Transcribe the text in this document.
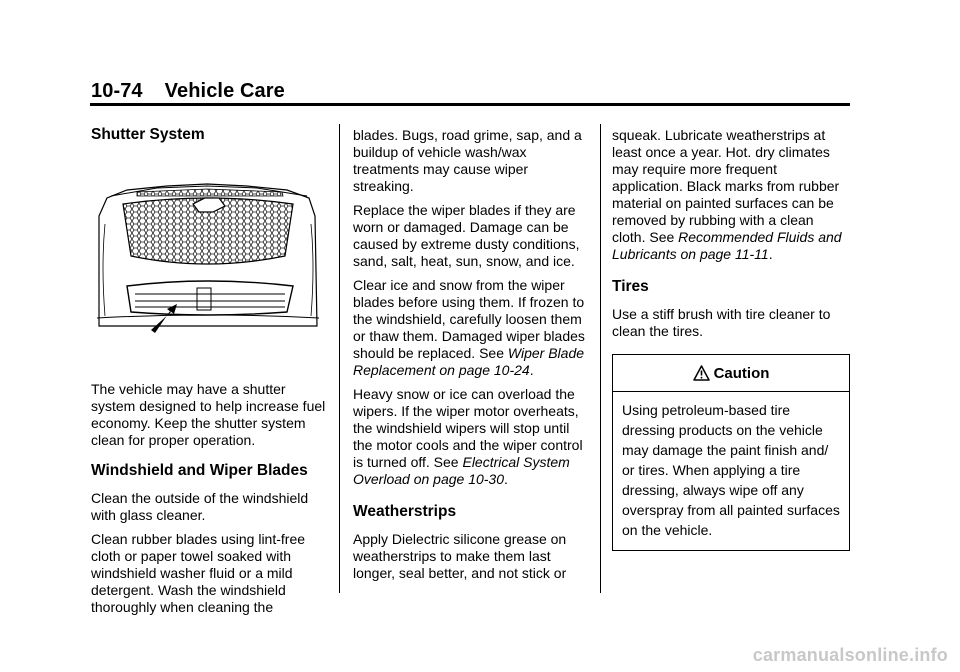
10-74 Vehicle Care
Shutter System

The vehicle may have a shutter system designed to help increase fuel economy. Keep the shutter system clean for proper operation.

Windshield and Wiper Blades

Clean the outside of the windshield with glass cleaner.

Clean rubber blades using lint-free cloth or paper towel soaked with windshield washer fluid or a mild detergent. Wash the windshield thoroughly when cleaning the

blades. Bugs, road grime, sap, and a buildup of vehicle wash/wax treatments may cause wiper streaking.

Replace the wiper blades if they are worn or damaged. Damage can be caused by extreme dusty conditions, sand, salt, heat, sun, snow, and ice.

Clear ice and snow from the wiper blades before using them. If frozen to the windshield, carefully loosen them or thaw them. Damaged wiper blades should be replaced. See Wiper Blade Replacement on page 10-24.

Heavy snow or ice can overload the wipers. If the wiper motor overheats, the windshield wipers will stop until the motor cools and the wiper control is turned off. See Electrical System Overload on page 10-30.

Weatherstrips

Apply Dielectric silicone grease on weatherstrips to make them last longer, seal better, and not stick or

squeak. Lubricate weatherstrips at least once a year. Hot. dry climates may require more frequent application. Black marks from rubber material on painted surfaces can be removed by rubbing with a clean cloth. See Recommended Fluids and Lubricants on page 11-11.

Tires

Use a stiff brush with tire cleaner to clean the tires.

Caution
Using petroleum-based tire dressing products on the vehicle may damage the paint finish and/ or tires. When applying a tire dressing, always wipe off any overspray from all painted surfaces on the vehicle.
carmanualsonline.info
